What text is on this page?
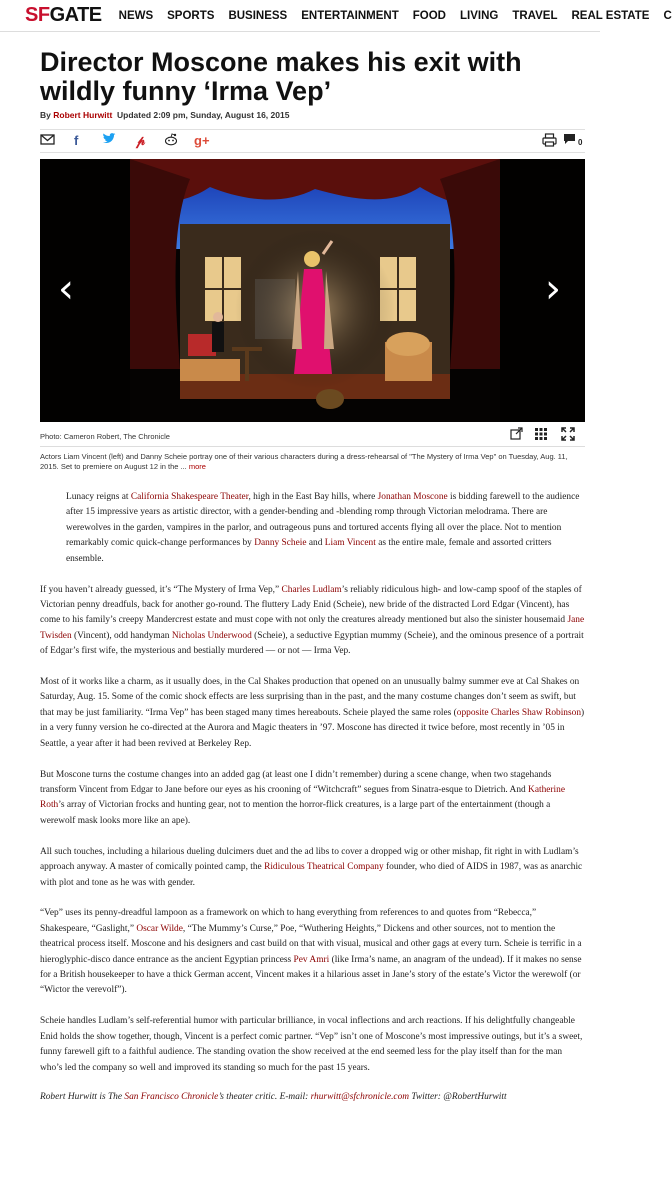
SFGATE NEWS SPORTS BUSINESS ENTERTAINMENT FOOD LIVING TRAVEL REAL ESTATE C
Director Moscone makes his exit with wildly funny ‘Irma Vep’
By Robert Hurwitt Updated 2:09 pm, Sunday, August 16, 2015
f	𝓅	g+	0
‹	›
Photo: Cameron Robert, The Chronicle
Actors Liam Vincent (left) and Danny Scheie portray one of their various characters during a dress-rehearsal of "The Mystery of Irma Vep" on Tuesday, Aug. 11, 2015. Set to premiere on August 12 in the ... more

Lunacy reigns at California Shakespeare Theater, high in the East Bay hills, where Jonathan Moscone is bidding farewell to the audience after 15 impressive years as artistic director, with a gender-bending and -blending romp through Victorian melodrama. There are werewolves in the garden, vampires in the parlor, and outrageous puns and tortured accents flying all over the place. Not to mention remarkably comic quick-change performances by Danny Scheie and Liam Vincent as the entire male, female and assorted critters ensemble.

If you haven’t already guessed, it’s “The Mystery of Irma Vep,” Charles Ludlam’s reliably ridiculous high- and low-camp spoof of the staples of Victorian penny dreadfuls, back for another go-round. The fluttery Lady Enid (Scheie), new bride of the distracted Lord Edgar (Vincent), has come to his family’s creepy Mandercrest estate and must cope with not only the creatures already mentioned but also the sinister housemaid Jane Twisden (Vincent), odd handyman Nicholas Underwood (Scheie), a seductive Egyptian mummy (Scheie), and the ominous presence of a portrait of Edgar’s first wife, the mysterious and bestially murdered — or not — Irma Vep.

Most of it works like a charm, as it usually does, in the Cal Shakes production that opened on an unusually balmy summer eve at Cal Shakes on Saturday, Aug. 15. Some of the comic shock effects are less surprising than in the past, and the many costume changes don’t seem as swift, but that may be just familiarity. “Irma Vep” has been staged many times hereabouts. Scheie played the same roles (opposite Charles Shaw Robinson) in a very funny version he co-directed at the Aurora and Magic theaters in ’97. Moscone has directed it twice before, most recently in ’05 in Seattle, a year after it had been revived at Berkeley Rep.

But Moscone turns the costume changes into an added gag (at least one I didn’t remember) during a scene change, when two stagehands transform Vincent from Edgar to Jane before our eyes as his crooning of “Witchcraft” segues from Sinatra-esque to Dietrich. And Katherine Roth’s array of Victorian frocks and hunting gear, not to mention the horror-flick creatures, is a large part of the entertainment (though a werewolf mask looks more like an ape).

All such touches, including a hilarious dueling dulcimers duet and the ad libs to cover a dropped wig or other mishap, fit right in with Ludlam’s approach anyway. A master of comically pointed camp, the Ridiculous Theatrical Company founder, who died of AIDS in 1987, was as anarchic with plot and tone as he was with gender.

“Vep” uses its penny-dreadful lampoon as a framework on which to hang everything from references to and quotes from “Rebecca,” Shakespeare, “Gaslight,” Oscar Wilde, “The Mummy’s Curse,” Poe, “Wuthering Heights,” Dickens and other sources, not to mention the theatrical process itself. Moscone and his designers and cast build on that with visual, musical and other gags at every turn. Scheie is terrific in a hieroglyphic-disco dance entrance as the ancient Egyptian princess Pev Amri (like Irma’s name, an anagram of the undead). If it makes no sense for a British housekeeper to have a thick German accent, Vincent makes it a hilarious asset in Jane’s story of the estate’s Victor the werewolf (or “Wictor the verevolf”).

Scheie handles Ludlam’s self-referential humor with particular brilliance, in vocal inflections and arch reactions. If his delightfully changeable Enid holds the show together, though, Vincent is a perfect comic partner. “Vep” isn’t one of Moscone’s most impressive outings, but it’s a sweet, funny farewell gift to a faithful audience. The standing ovation the show received at the end seemed less for the play itself than for the man who’s led the company so well and improved its standing so much for the past 15 years.

Robert Hurwitt is The San Francisco Chronicle’s theater critic. E-mail: rhurwitt@sfchronicle.com Twitter: @RobertHurwitt
